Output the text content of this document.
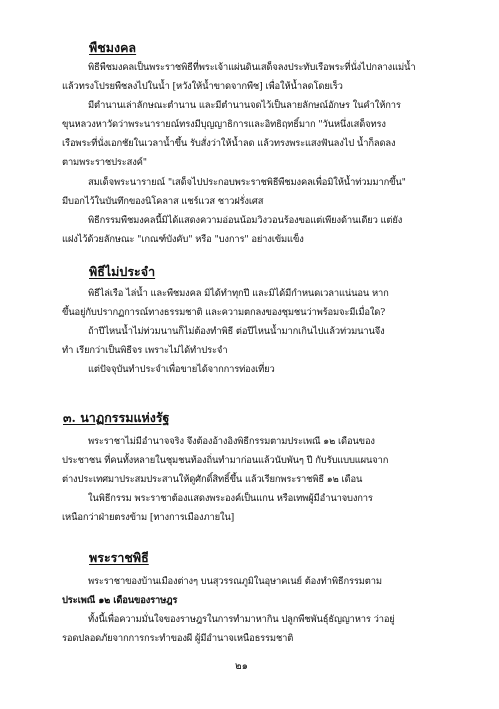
พืชมงคล
พิธีพืชมงคลเป็นพระราชพิธีที่พระเจ้าแผ่นดินเสด็จลงประทับเรือพระที่นั่งไปกลางแม่น้ำ
แล้วทรงโปรยพืชลงไปในน้ำ [หวังให้น้ำขาดจากพืช] เพื่อให้น้ำลดโดยเร็ว
มีตำนานเล่าลักษณะตำนาน และมีตำนานจดไว้เป็นลายลักษณ์อักษร ในคำให้การ
ขุนหลวงหาวัดว่าพระนารายณ์ทรงมีบุญญาธิการและอิทธิฤทธิ์มาก "วันหนึ่งเสด็จทรง
เรือพระที่นั่งเอกชัยในเวลาน้ำขึ้น รับสั่งว่าให้น้ำลด แล้วทรงพระแสงฟันลงไป น้ำก็ลดลง
ตามพระราชประสงค์"
สมเด็จพระนารายณ์ "เสด็จไปประกอบพระราชพิธีพืชมงคลเพื่อมิให้น้ำท่วมมากขึ้น"
มีบอกไว้ในบันทึกของนิโคลาส แชร์แวส ชาวฝรั่งเศส
พิธีกรรมพืชมงคลนี้มิได้แสดงความอ่อนน้อมวิงวอนร้องขอแต่เพียงด้านเดียว แต่ยัง
แฝงไว้ด้วยลักษณะ "เกณฑ์บังคับ" หรือ "บงการ" อย่างเข้มแข็ง
พิธีไม่ประจำ
พิธีไล่เรือ ไล่น้ำ และพืชมงคล มิได้ทำทุกปี และมิได้มีกำหนดเวลาแน่นอน หาก
ขึ้นอยู่กับปรากฏการณ์ทางธรรมชาติ และความตกลงของชุมชนว่าพร้อมจะมีเมื่อใด?
ถ้าปีไหนน้ำไม่ท่วมนานก็ไม่ต้องทำพิธี ต่อปีไหนน้ำมากเกินไปแล้วท่วมนานจึง
ทำ เรียกว่าเป็นพิธีจร เพราะไม่ได้ทำประจำ
แต่ปัจจุบันทำประจำเพื่อขายได้จากการท่องเที่ยว
๓. นาฏกรรมแห่งรัฐ
พระราชาไม่มีอำนาจจริง จึงต้องอ้างอิงพิธีกรรมตามประเพณี ๑๒ เดือนของ
ประชาชน ที่คนทั้งหลายในชุมชนท้องถิ่นทำมาก่อนแล้วนับพันๆ ปี กับรับแบบแผนจาก
ต่างประเทศมาประสมประสานให้ดูศักดิ์สิทธิ์ขึ้น แล้วเรียกพระราชพิธี ๑๒ เดือน
ในพิธีกรรม พระราชาต้องแสดงพระองค์เป็นแกน หรือเทพผู้มีอำนาจบงการ
เหนือกว่าฝ่ายตรงข้าม [ทางการเมืองภายใน]
พระราชพิธี
พระราชาของบ้านเมืองต่างๆ บนสุวรรณภูมิในอุษาคเนย์ ต้องทำพิธีกรรมตาม
ประเพณี ๑๒ เดือนของราษฎร
ทั้งนี้เพื่อความมั่นใจของราษฎรในการทำมาหากิน ปลูกพืชพันธุ์ธัญญาหาร ว่าอยู่
รอดปลอดภัยจากการกระทำของผี ผู้มีอำนาจเหนือธรรมชาติ
๒๑
